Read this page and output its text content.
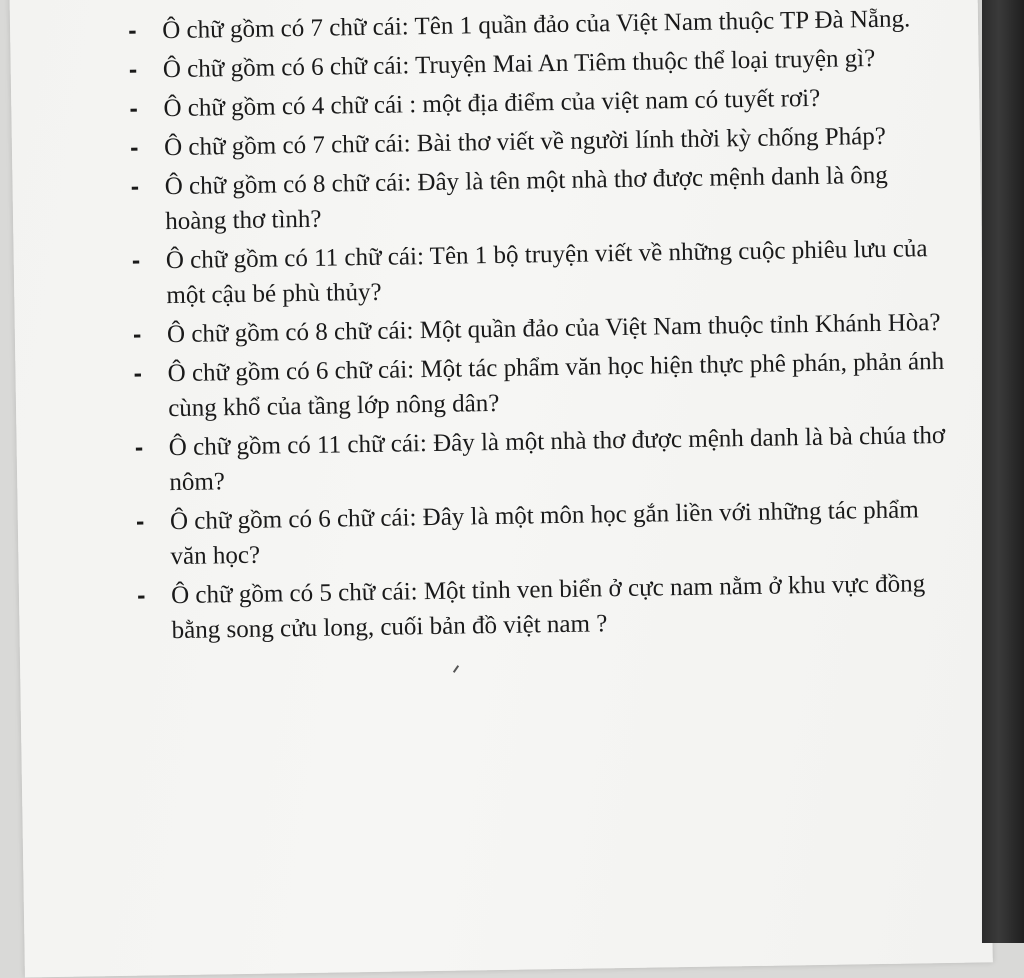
- Ô chữ gồm có 7 chữ cái: Tên 1 quần đảo của Việt Nam thuộc TP Đà Nẵng.
- Ô chữ gồm có 6 chữ cái: Truyện Mai An Tiêm thuộc thể loại truyện gì?
- Ô chữ gồm có 4 chữ cái : một địa điểm của việt nam có tuyết rơi?
- Ô chữ gồm có 7 chữ cái: Bài thơ viết về người lính thời kỳ chống Pháp?
- Ô chữ gồm có 8 chữ cái: Đây là tên một nhà thơ được mệnh danh là ông hoàng thơ tình?
- Ô chữ gồm có 11 chữ cái: Tên 1 bộ truyện viết về những cuộc phiêu lưu của một cậu bé phù thủy?
- Ô chữ gồm có 8 chữ cái: Một quần đảo của Việt Nam thuộc tỉnh Khánh Hòa?
- Ô chữ gồm có 6 chữ cái: Một tác phẩm văn học hiện thực phê phán, phản ánh cùng khổ của tầng lớp nông dân?
- Ô chữ gồm có 11 chữ cái: Đây là một nhà thơ được mệnh danh là bà chúa thơ nôm?
- Ô chữ gồm có 6 chữ cái: Đây là một môn học gắn liền với những tác phẩm văn học?
- Ô chữ gồm có 5 chữ cái: Một tỉnh ven biển ở cực nam nằm ở khu vực đồng bằng song cửu long, cuối bản đồ việt nam ?
